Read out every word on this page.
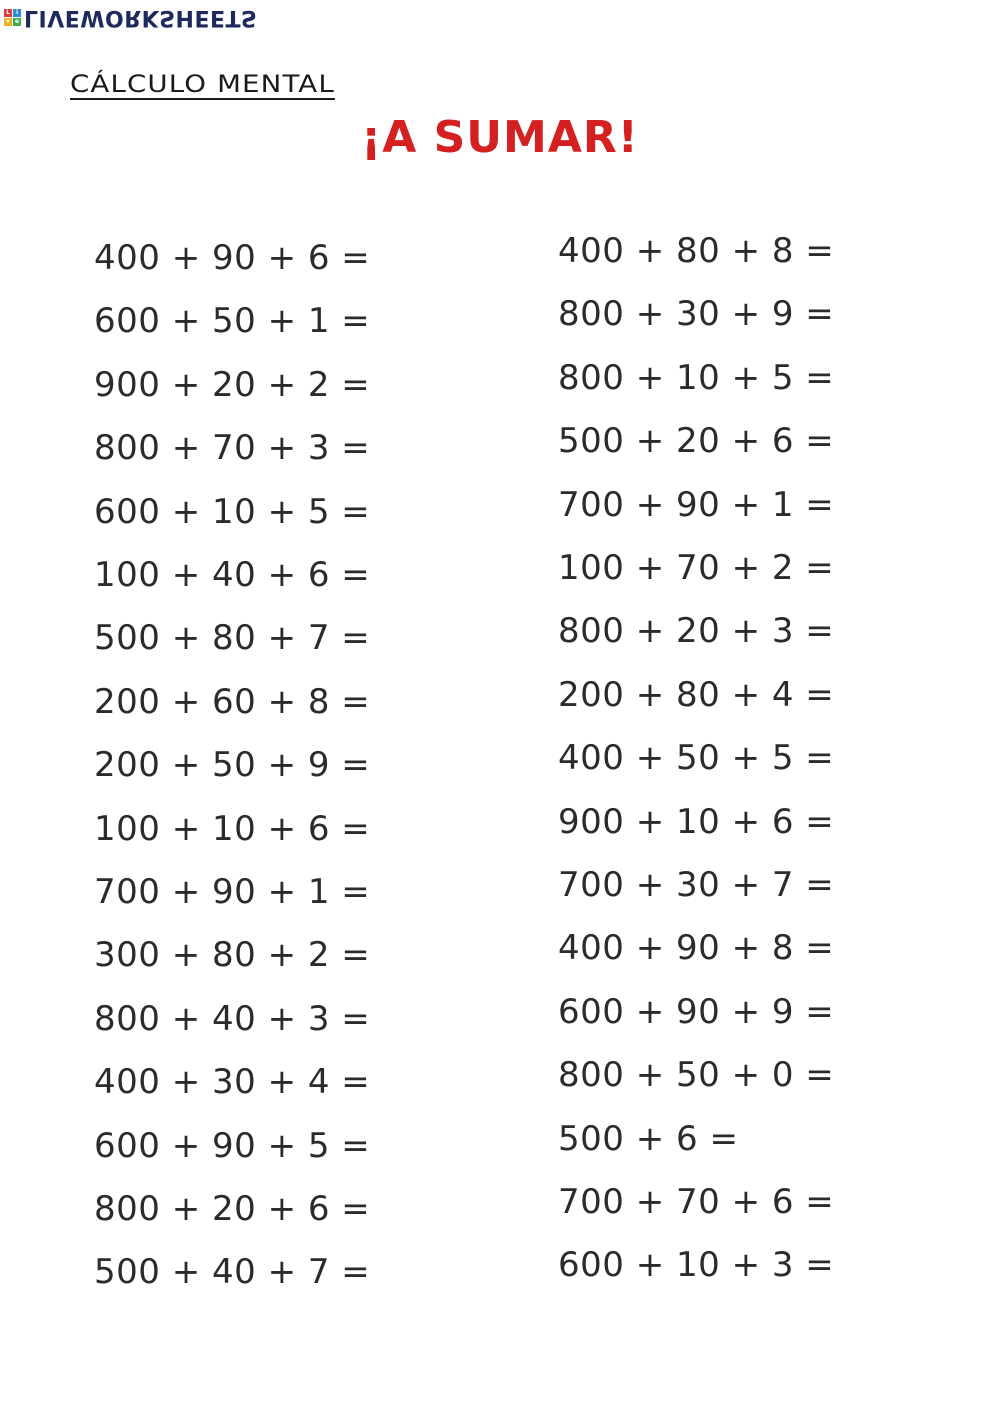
L	i
v e LIVEWORKSHEETS
CÁLCULO MENTAL
¡A SUMAR!
400 + 90 + 6 =
600 + 50 + 1 =
900 + 20 + 2 =
800 + 70 + 3 =
600 + 10 + 5 =
100 + 40 + 6 =
500 + 80 + 7 =
200 + 60 + 8 =
200 + 50 + 9 =
100 + 10 + 6 =
700 + 90 + 1 =
300 + 80 + 2 =
800 + 40 + 3 =
400 + 30 + 4 =
600 + 90 + 5 =
800 + 20 + 6 =
500 + 40 + 7 =
400 + 80 + 8 =
800 + 30 + 9 =
800 + 10 + 5 =
500 + 20 + 6 =
700 + 90 + 1 =
100 + 70 + 2 =
800 + 20 + 3 =
200 + 80 + 4 =
400 + 50 + 5 =
900 + 10 + 6 =
700 + 30 + 7 =
400 + 90 + 8 =
600 + 90 + 9 =
800 + 50 + 0 =
500 + 6 =
700 + 70 + 6 =
600 + 10 + 3 =
